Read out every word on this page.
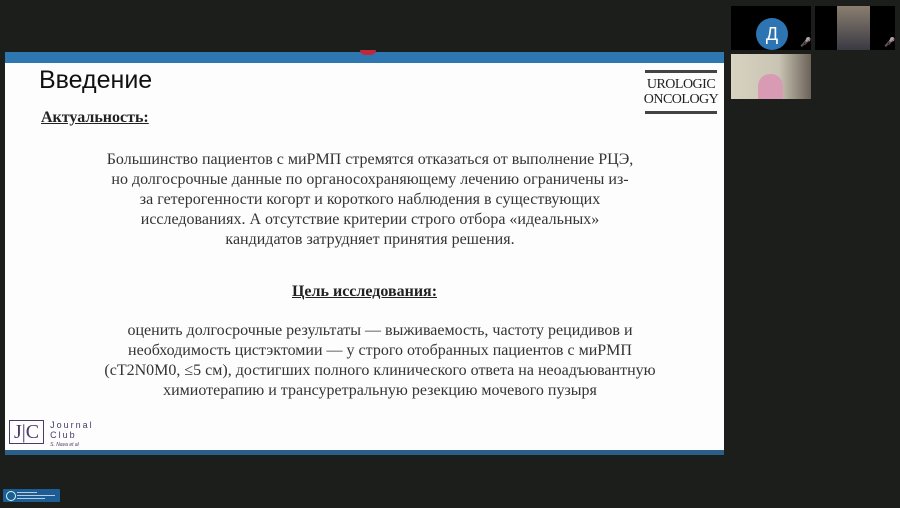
Введение
Актуальность:
Большинство пациентов с миРМП стремятся отказаться от выполнение РЦЭ, но долгосрочные данные по органосохраняющему лечению ограничены из-за гетерогенности когорт и короткого наблюдения в существующих исследованиях. А отсутствие критерии строго отбора «идеальных» кандидатов затрудняет принятия решения.
Цель исследования:
оценить долгосрочные результаты — выживаемость, частоту рецидивов и необходимость цистэктомии — у строго отобранных пациентов с миРМП (cT2N0M0, ≤5 см), достигших полного клинического ответа на неоадъювантную химиотерапию и трансуретральную резекцию мочевого пузыря
UROLOGIC
ONCOLOGY
J|C	Journal
Club
S. Nava et al
Д	🎤̸	🎤̸
